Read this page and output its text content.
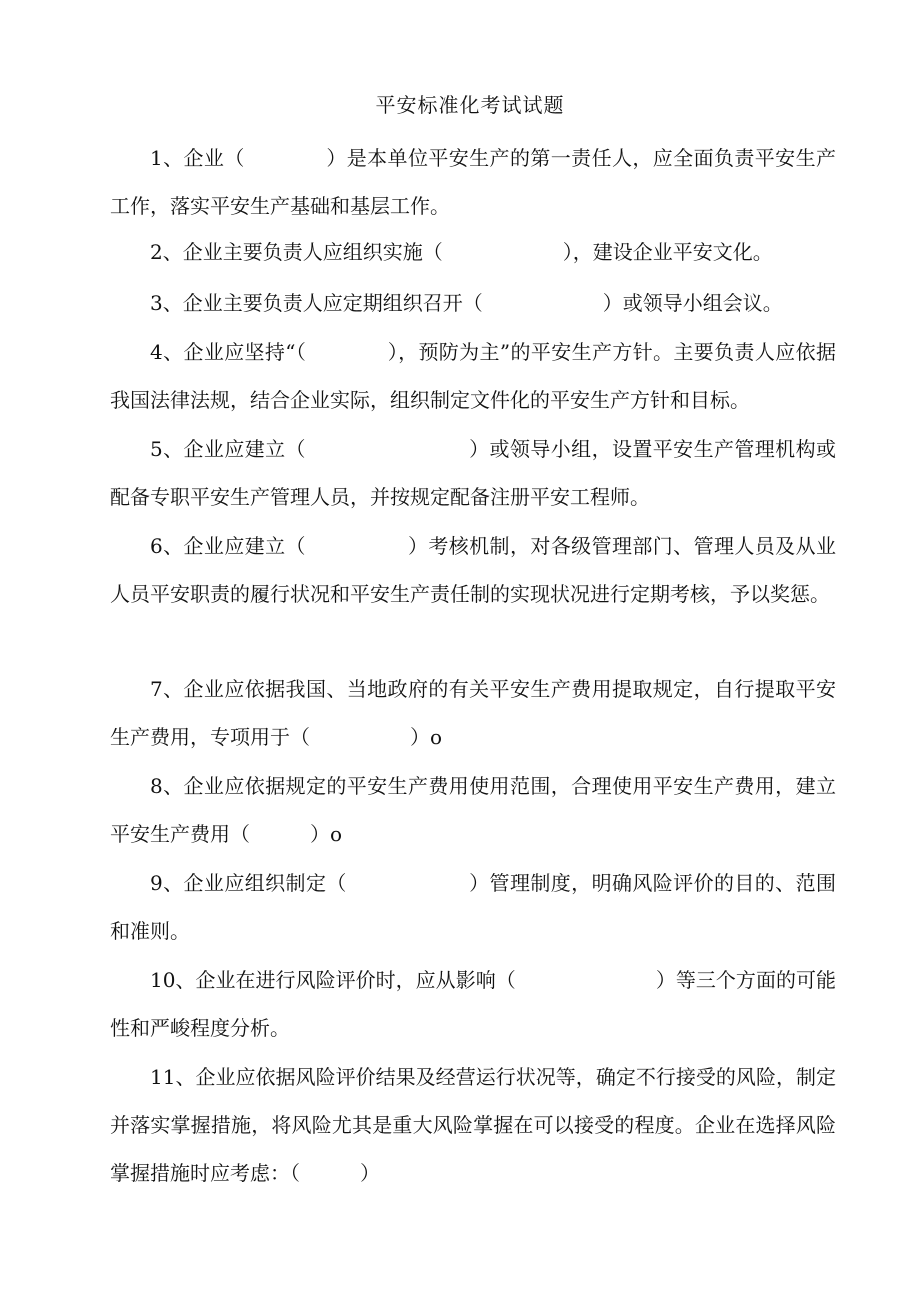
平安标准化考试试题
1、企业（　　　　）是本单位平安生产的第一责任人，应全面负责平安生产工作，落实平安生产基础和基层工作。
2、企业主要负责人应组织实施（　　　　　　），建设企业平安文化。
3、企业主要负责人应定期组织召开（　　　　　　）或领导小组会议。
4、企业应坚持“（　　　　），预防为主”的平安生产方针。主要负责人应依据我国法律法规，结合企业实际，组织制定文件化的平安生产方针和目标。
5、企业应建立（　　　　　　　　）或领导小组，设置平安生产管理机构或配备专职平安生产管理人员，并按规定配备注册平安工程师。
6、企业应建立（　　　　　）考核机制，对各级管理部门、管理人员及从业人员平安职责的履行状况和平安生产责任制的实现状况进行定期考核，予以奖惩。
7、企业应依据我国、当地政府的有关平安生产费用提取规定，自行提取平安生产费用，专项用于（　　　　　）o
8、企业应依据规定的平安生产费用使用范围，合理使用平安生产费用，建立平安生产费用（　　　）o
9、企业应组织制定（　　　　　　）管理制度，明确风险评价的目的、范围和准则。
10、企业在进行风险评价时，应从影响（　　　　　　　）等三个方面的可能性和严峻程度分析。
11、企业应依据风险评价结果及经营运行状况等，确定不行接受的风险，制定并落实掌握措施，将风险尤其是重大风险掌握在可以接受的程度。企业在选择风险掌握措施时应考虑：（　　　）
